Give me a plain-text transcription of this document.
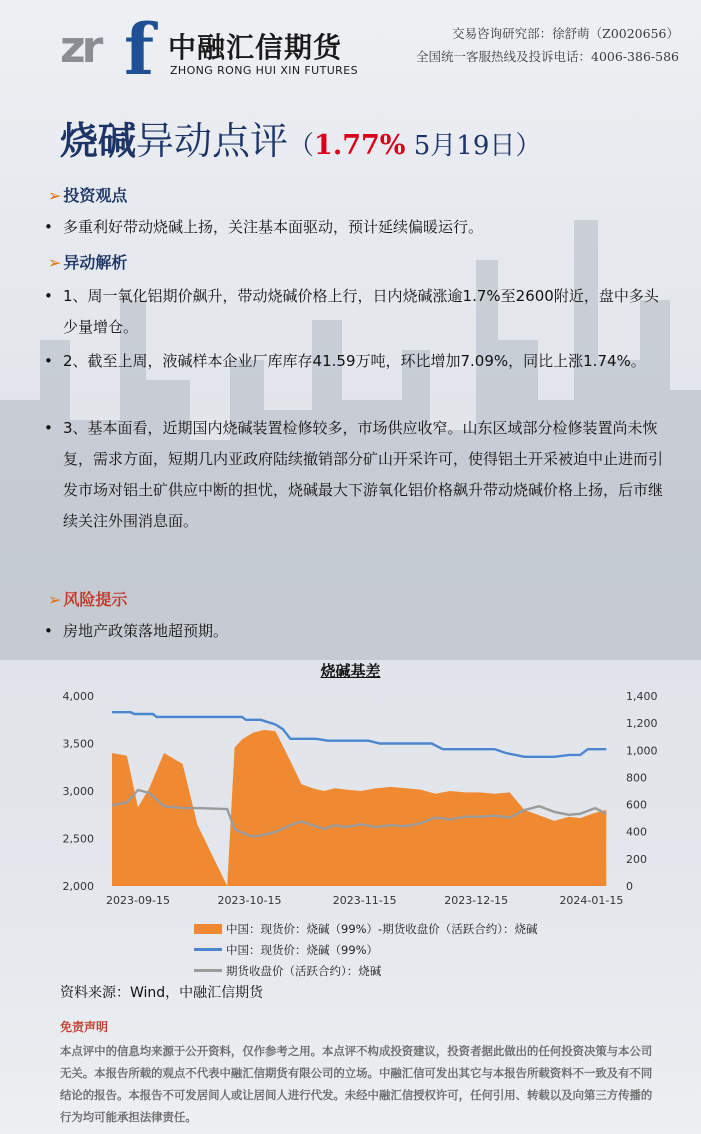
zr f 中融汇信期货
ZHONG RONG HUI XIN FUTURES
交易咨询研究部：徐舒萌（Z0020656）
全国统一客服热线及投诉电话：4006-386-586
烧碱异动点评（1.77% 5月19日）
➢ 投资观点
• 多重利好带动烧碱上扬，关注基本面驱动，预计延续偏暖运行。
➢ 异动解析
• 1、周一氧化铝期价飙升，带动烧碱价格上行，日内烧碱涨逾1.7%至2600附近，盘中多头少量增仓。
• 2、截至上周，液碱样本企业厂库库存41.59万吨，环比增加7.09%，同比上涨1.74%。
• 3、基本面看，近期国内烧碱装置检修较多，市场供应收窄。山东区域部分检修装置尚未恢复，需求方面，短期几内亚政府陆续撤销部分矿山开采许可，使得铝土开采被迫中止进而引发市场对铝土矿供应中断的担忧，烧碱最大下游氧化铝价格飙升带动烧碱价格上扬，后市继续关注外围消息面。
➢ 风险提示
• 房地产政策落地超预期。
烧碱基差
2,000
2,500
3,000
3,500
4,000
0
200
400
600
800
1,000
1,200
1,400
2023-09-15	2023-10-15	2023-11-15	2023-12-15	2024-01-15
中国：现货价：烧碱（99%）-期货收盘价（活跃合约）：烧碱
中国：现货价：烧碱（99%）
期货收盘价（活跃合约）：烧碱
资料来源：Wind，中融汇信期货
免责声明
本点评中的信息均来源于公开资料，仅作参考之用。本点评不构成投资建议，投资者据此做出的任何投资决策与本公司无关。本报告所载的观点不代表中融汇信期货有限公司的立场。中融汇信可发出其它与本报告所载资料不一致及有不同结论的报告。本报告不可发居间人或让居间人进行代发。未经中融汇信授权许可，任何引用、转载以及向第三方传播的行为均可能承担法律责任。
